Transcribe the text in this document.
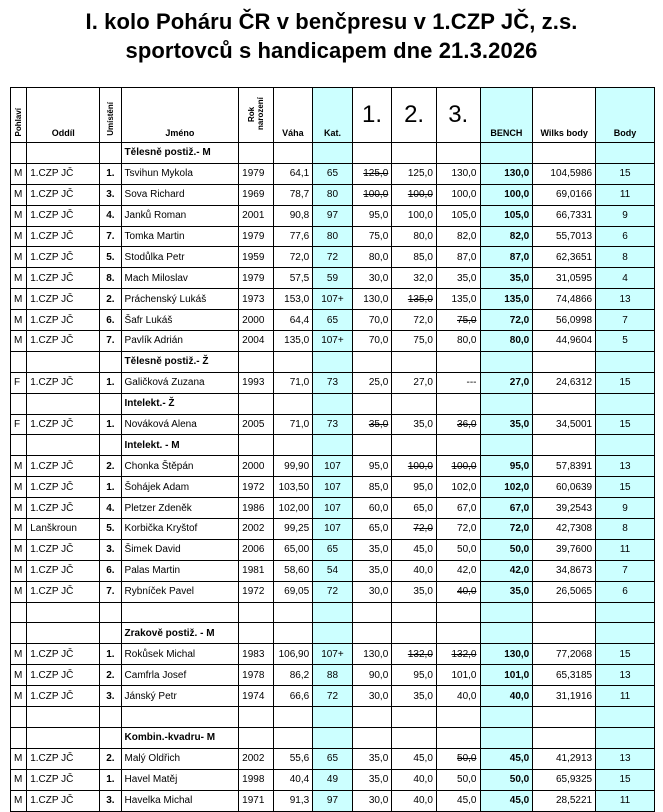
I. kolo Poháru ČR v benčpresu v 1.CZP JČ, z.s.
sportovců s handicapem dne 21.3.2026
Pohlaví	Oddíl	Umístění	Jméno	Rok narození	Váha	Kat.	1.	2.	3.	BENCH	Wilks body	Body
			Tělesně postiž.- M									
M	1.CZP JČ	1.	Tsvihun Mykola	1979	64,1	65	125,0	125,0	130,0	130,0	104,5986	15
M	1.CZP JČ	3.	Sova Richard	1969	78,7	80	100,0	100,0	100,0	100,0	69,0166	11
M	1.CZP JČ	4.	Janků Roman	2001	90,8	97	95,0	100,0	105,0	105,0	66,7331	9
M	1.CZP JČ	7.	Tomka Martin	1979	77,6	80	75,0	80,0	82,0	82,0	55,7013	6
M	1.CZP JČ	5.	Stodůlka Petr	1959	72,0	72	80,0	85,0	87,0	87,0	62,3651	8
M	1.CZP JČ	8.	Mach Miloslav	1979	57,5	59	30,0	32,0	35,0	35,0	31,0595	4
M	1.CZP JČ	2.	Práchenský Lukáš	1973	153,0	107+	130,0	135,0	135,0	135,0	74,4866	13
M	1.CZP JČ	6.	Šafr Lukáš	2000	64,4	65	70,0	72,0	75,0	72,0	56,0998	7
M	1.CZP JČ	7.	Pavlík Adrián	2004	135,0	107+	70,0	75,0	80,0	80,0	44,9604	5
			Tělesně postiž.- Ž									
F	1.CZP JČ	1.	Galičková Zuzana	1993	71,0	73	25,0	27,0	---	27,0	24,6312	15
			Intelekt.- Ž									
F	1.CZP JČ	1.	Nováková Alena	2005	71,0	73	35,0	35,0	36,0	35,0	34,5001	15
			Intelekt. - M									
M	1.CZP JČ	2.	Chonka Štěpán	2000	99,90	107	95,0	100,0	100,0	95,0	57,8391	13
M	1.CZP JČ	1.	Šohájek Adam	1972	103,50	107	85,0	95,0	102,0	102,0	60,0639	15
M	1.CZP JČ	4.	Pletzer Zdeněk	1986	102,00	107	60,0	65,0	67,0	67,0	39,2543	9
M	Lanškroun	5.	Korbička Kryštof	2002	99,25	107	65,0	72,0	72,0	72,0	42,7308	8
M	1.CZP JČ	3.	Šimek David	2006	65,00	65	35,0	45,0	50,0	50,0	39,7600	11
M	1.CZP JČ	6.	Palas Martin	1981	58,60	54	35,0	40,0	42,0	42,0	34,8673	7
M	1.CZP JČ	7.	Rybníček Pavel	1972	69,05	72	30,0	35,0	40,0	35,0	26,5065	6

			Zrakově postiž. - M									
M	1.CZP JČ	1.	Rokůsek Michal	1983	106,90	107+	130,0	132,0	132,0	130,0	77,2068	15
M	1.CZP JČ	2.	Camfrla Josef	1978	86,2	88	90,0	95,0	101,0	101,0	65,3185	13
M	1.CZP JČ	3.	Jánský Petr	1974	66,6	72	30,0	35,0	40,0	40,0	31,1916	11

			Kombin.-kvadru- M									
M	1.CZP JČ	2.	Malý Oldřich	2002	55,6	65	35,0	45,0	50,0	45,0	41,2913	13
M	1.CZP JČ	1.	Havel Matěj	1998	40,4	49	35,0	40,0	50,0	50,0	65,9325	15
M	1.CZP JČ	3.	Havelka Michal	1971	91,3	97	30,0	40,0	45,0	45,0	28,5221	11
